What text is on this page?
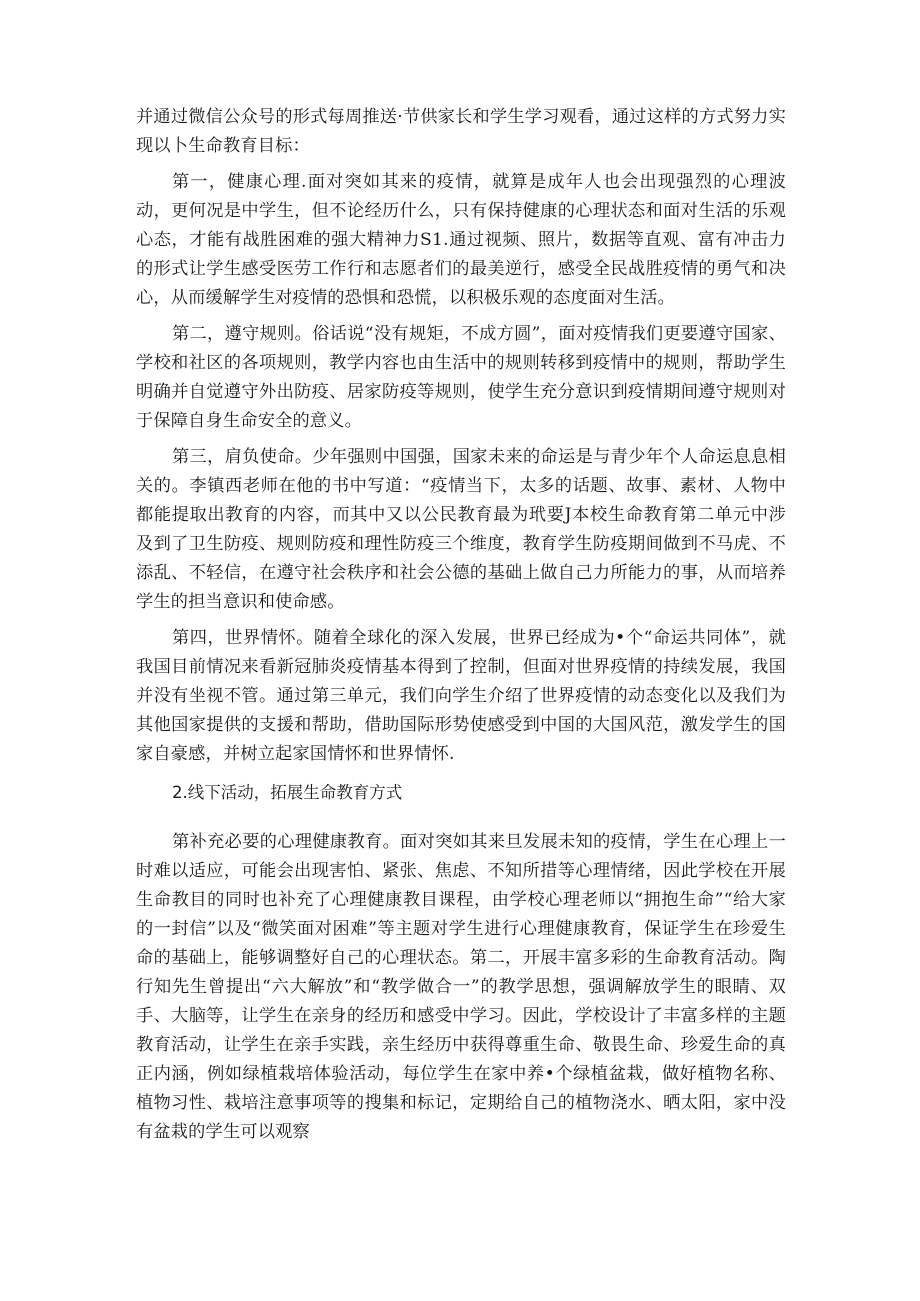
并通过微信公众号的形式每周推送·节供家长和学生学习观看，通过这样的方式努力实现以卜生命教育目标：

第一，健康心理.面对突如其来的疫情，就算是成年人也会出现强烈的心理波动，更何况是中学生，但不论经历什么，只有保持健康的心理状态和面对生活的乐观心态，才能有战胜困难的强大精神力S1.通过视频、照片，数据等直观、富有冲击力的形式让学生感受医劳工作行和志愿者们的最美逆行，感受全民战胜疫情的勇气和决心，从而缓解学生对疫情的恐惧和恐慌，以积极乐观的态度面对生活。

第二，遵守规则。俗话说“没有规矩，不成方圆”，面对疫情我们更要遵守国家、学校和社区的各项规则，教学内容也由生活中的规则转移到疫情中的规则，帮助学生明确并自觉遵守外出防疫、居家防疫等规则，使学生充分意识到疫情期间遵守规则对于保障自身生命安全的意义。

第三，肩负使命。少年强则中国强，国家未来的命运是与青少年个人命运息息相关的。李镇西老师在他的书中写道：“疫情当下，太多的话题、故事、素材、人物中都能提取出教育的内容，而其中又以公民教育最为玳要J本校生命教育第二单元中涉及到了卫生防疫、规则防疫和理性防疫三个维度，教育学生防疫期间做到不马虎、不添乱、不轻信，在遵守社会秩序和社会公德的基础上做自己力所能力的事，从而培养学生的担当意识和使命感。

第四，世界情怀。随着全球化的深入发展，世界已经成为•个“命运共同体”，就我国目前情况来看新冠肺炎疫情基本得到了控制，但面对世界疫情的持续发展，我国并没有坐视不管。通过第三单元，我们向学生介绍了世界疫情的动态变化以及我们为其他国家提供的支援和帮助，借助国际形势使感受到中国的大国风范，激发学生的国家自豪感，并树立起家国情怀和世界情怀.

2.线下活动，拓展生命教育方式

第补充必要的心理健康教育。面对突如其来旦发展未知的疫情，学生在心理上一时难以适应，可能会出现害怕、紧张、焦虑、不知所措等心理情绪，因此学校在开展生命教目的同时也补充了心理健康教目课程，由学校心理老师以“拥抱生命”“给大家的一封信”以及“微笑面对困难”等主题对学生进行心理健康教育，保证学生在珍爱生命的基础上，能够调整好自己的心理状态。第二，开展丰富多彩的生命教育活动。陶行知先生曾提出“六大解放”和“教学做合一”的教学思想，强调解放学生的眼睛、双手、大脑等，让学生在亲身的经历和感受中学习。因此，学校设计了丰富多样的主题教育活动，让学生在亲手实践，亲生经历中获得尊重生命、敬畏生命、珍爱生命的真正内涵，例如绿植栽培体验活动，每位学生在家中养•个绿植盆栽，做好植物名称、植物习性、栽培注意事项等的搜集和标记，定期给自己的植物浇水、晒太阳，家中没有盆栽的学生可以观察
